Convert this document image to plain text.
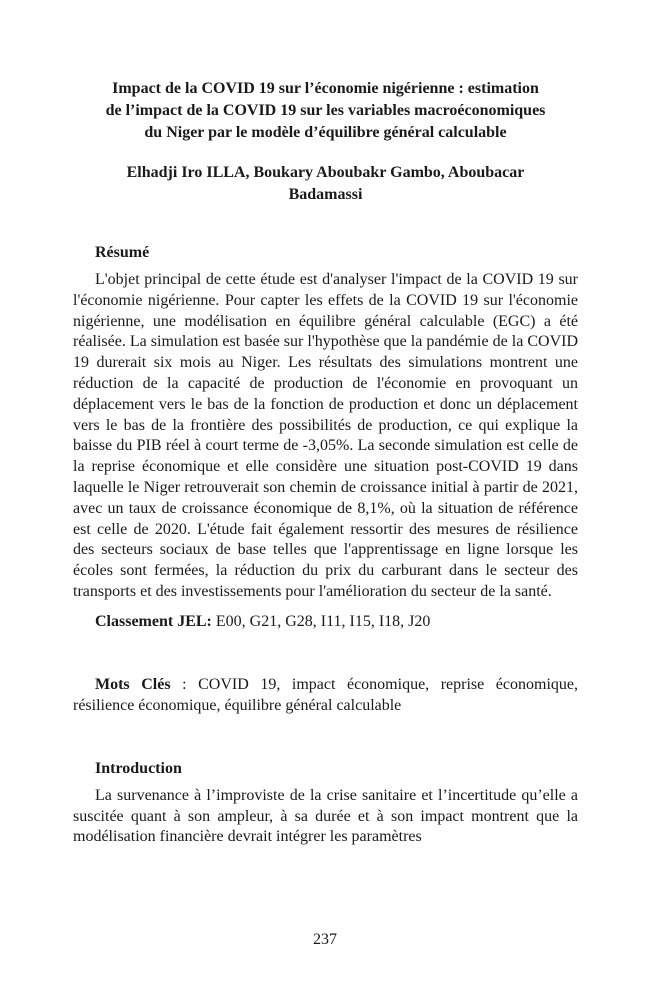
Impact de la COVID 19 sur l’économie nigérienne : estimation
de l’impact de la COVID 19 sur les variables macroéconomiques
du Niger par le modèle d’équilibre général calculable
Elhadji Iro ILLA, Boukary Aboubakr Gambo, Aboubacar
Badamassi
Résumé

L'objet principal de cette étude est d'analyser l'impact de la COVID 19 sur l'économie nigérienne. Pour capter les effets de la COVID 19 sur l'économie nigérienne, une modélisation en équilibre général calculable (EGC) a été réalisée. La simulation est basée sur l'hypothèse que la pandémie de la COVID 19 durerait six mois au Niger. Les résultats des simulations montrent une réduction de la capacité de production de l'économie en provoquant un déplacement vers le bas de la fonction de production et donc un déplacement vers le bas de la frontière des possibilités de production, ce qui explique la baisse du PIB réel à court terme de -3,05%. La seconde simulation est celle de la reprise économique et elle considère une situation post-COVID 19 dans laquelle le Niger retrouverait son chemin de croissance initial à partir de 2021, avec un taux de croissance économique de 8,1%, où la situation de référence est celle de 2020. L'étude fait également ressortir des mesures de résilience des secteurs sociaux de base telles que l'apprentissage en ligne lorsque les écoles sont fermées, la réduction du prix du carburant dans le secteur des transports et des investissements pour l'amélioration du secteur de la santé.

Classement JEL: E00, G21, G28, I11, I15, I18, J20

Mots Clés : COVID 19, impact économique, reprise économique, résilience économique, équilibre général calculable

Introduction

La survenance à l’improviste de la crise sanitaire et l’incertitude qu’elle a suscitée quant à son ampleur, à sa durée et à son impact montrent que la modélisation financière devrait intégrer les paramètres

237
